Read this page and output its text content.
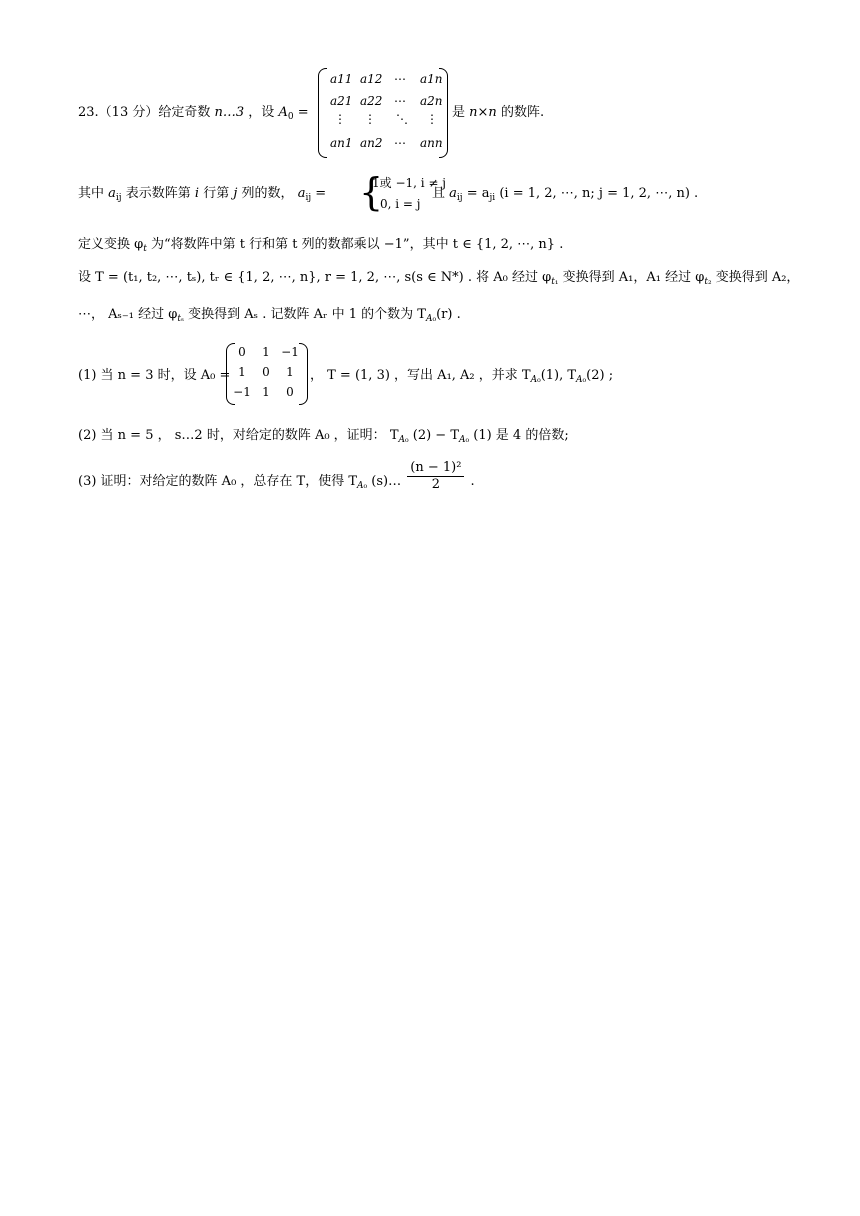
23.（13 分）给定奇数 n…3 ，设 $A_0$ =
a11 a12 ⋯ a1n
a21 a22 ⋯ a2n
⋮ ⋮ ⋱ ⋮
an1 an2 ⋯ ann
是 n×n 的数阵.
其中 $a_{ij}$ 表示数阵第 i 行第 j 列的数， $a_{ij}$ = {
1或 −1, i ≠ j
0, i = j
且 $a_{ij} = a_{ji}$ (i = 1, 2, ⋯, n; j = 1, 2, ⋯, n) .
定义变换 $\varphi_t$ 为“将数阵中第 t 行和第 t 列的数都乘以 −1”，其中 t ∈ {1, 2, ⋯, n} .
设 T = (t₁, t₂, ⋯, tₛ), tᵣ ∈ {1, 2, ⋯, n}, r = 1, 2, ⋯, s(s ∈ N*) . 将 A₀ 经过 $\varphi_{t_1}$ 变换得到 A₁，A₁ 经过 $\varphi_{t_2}$ 变换得到 A₂，
⋯， Aₛ₋₁ 经过 $\varphi_{t_s}$ 变换得到 Aₛ . 记数阵 Aᵣ 中 1 的个数为 $T_{A_0}(r)$ .
(1) 当 n = 3 时，设 A₀ =
0	1 −1
1	0	1
−1 1	0
， T = (1, 3) ，写出 A₁, A₂ ，并求 $T_{A_0}(1)$, $T_{A_0}(2)$ ;
(2) 当 n = 5 ， s…2 时，对给定的数阵 A₀ ，证明： $T_{A_0}$ $(2) - T_{A_0}$ (1) 是 4 的倍数;
(3) 证明：对给定的数阵 A₀ ，总存在 T，使得 $T_{A_0}$ (s)… $\frac{\text{(n − 1)²}}{2}$ .
